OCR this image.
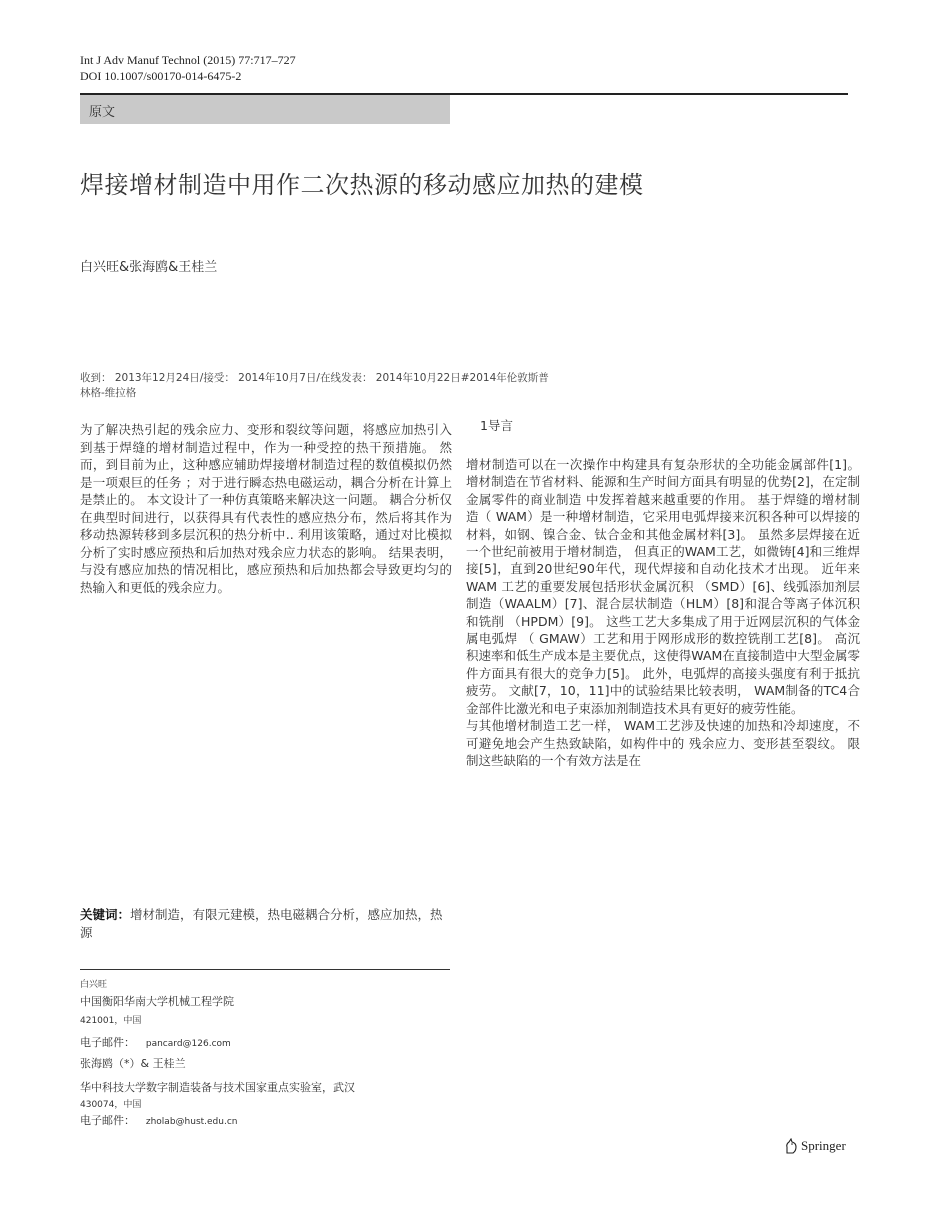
Int J Adv Manuf Technol (2015) 77:717–727
DOI 10.1007/s00170-014-6475-2
原文
焊接增材制造中用作二次热源的移动感应加热的建模
白兴旺&张海鸥&王桂兰
收到： 2013年12月24日/接受： 2014年10月7日/在线发表： 2014年10月22日#2014年伦敦斯普林格-维拉格
为了解决热引起的残余应力、变形和裂纹等问题，将感应加热引入到基于焊缝的增材制造过程中，作为一种受控的热干预措施。 然而，到目前为止，这种感应辅助焊接增材制造过程的数值模拟仍然是一项艰巨的任务 ；对于进行瞬态热电磁运动，耦合分析在计算上是禁止的。 本文设计了一种仿真策略来解决这一问题。 耦合分析仅在典型时间进行，以获得具有代表性的感应热分布，然后将其作为移动热源转移到多层沉积的热分析中.. 利用该策略，通过对比模拟分析了实时感应预热和后加热对残余应力状态的影响。 结果表明，与没有感应加热的情况相比，感应预热和后加热都会导致更均匀的热输入和更低的残余应力。
1导言

增材制造可以在一次操作中构建具有复杂形状的全功能金属部件[1]。 增材制造在节省材料、能源和生产时间方面具有明显的优势[2]，在定制金属零件的商业制造 中发挥着越来越重要的作用。 基于焊缝的增材制造（ WAM）是一种增材制造，它采用电弧焊接来沉积各种可以焊接的材料，如钢、镍合金、钛合金和其他金属材料[3]。 虽然多层焊接在近一个世纪前被用于增材制造， 但真正的WAM工艺，如微铸[4]和三维焊接[5]，直到20世纪90年代，现代焊接和自动化技术才出现。 近年来WAM 工艺的重要发展包括形状金属沉积 （SMD）[6]、线弧添加剂层制造（WAALM）[7]、混合层状制造（HLM）[8]和混合等离子体沉积和铣削 （HPDM）[9]。 这些工艺大多集成了用于近网层沉积的气体金属电弧焊 （ GMAW）工艺和用于网形成形的数控铣削工艺[8]。 高沉积速率和低生产成本是主要优点，这使得WAM在直接制造中大型金属零件方面具有很大的竞争力[5]。 此外，电弧焊的高接头强度有利于抵抗疲劳。 文献[7，10，11]中的试验结果比较表明， WAM制备的TC4合金部件比激光和电子束添加剂制造技术具有更好的疲劳性能。

与其他增材制造工艺一样， WAM工艺涉及快速的加热和冷却速度，不可避免地会产生热致缺陷，如构件中的 残余应力、变形甚至裂纹。 限制这些缺陷的一个有效方法是在

关键词：增材制造，有限元建模，热电磁耦合分析，感应加热，热源
白兴旺
中国衡阳华南大学机械工程学院
421001，中国
电子邮件： pancard@126.com
张海鸥（*）& 王桂兰
华中科技大学数字制造装备与技术国家重点实验室，武汉
430074，中国
电子邮件： zholab@hust.edu.cn
Springer
